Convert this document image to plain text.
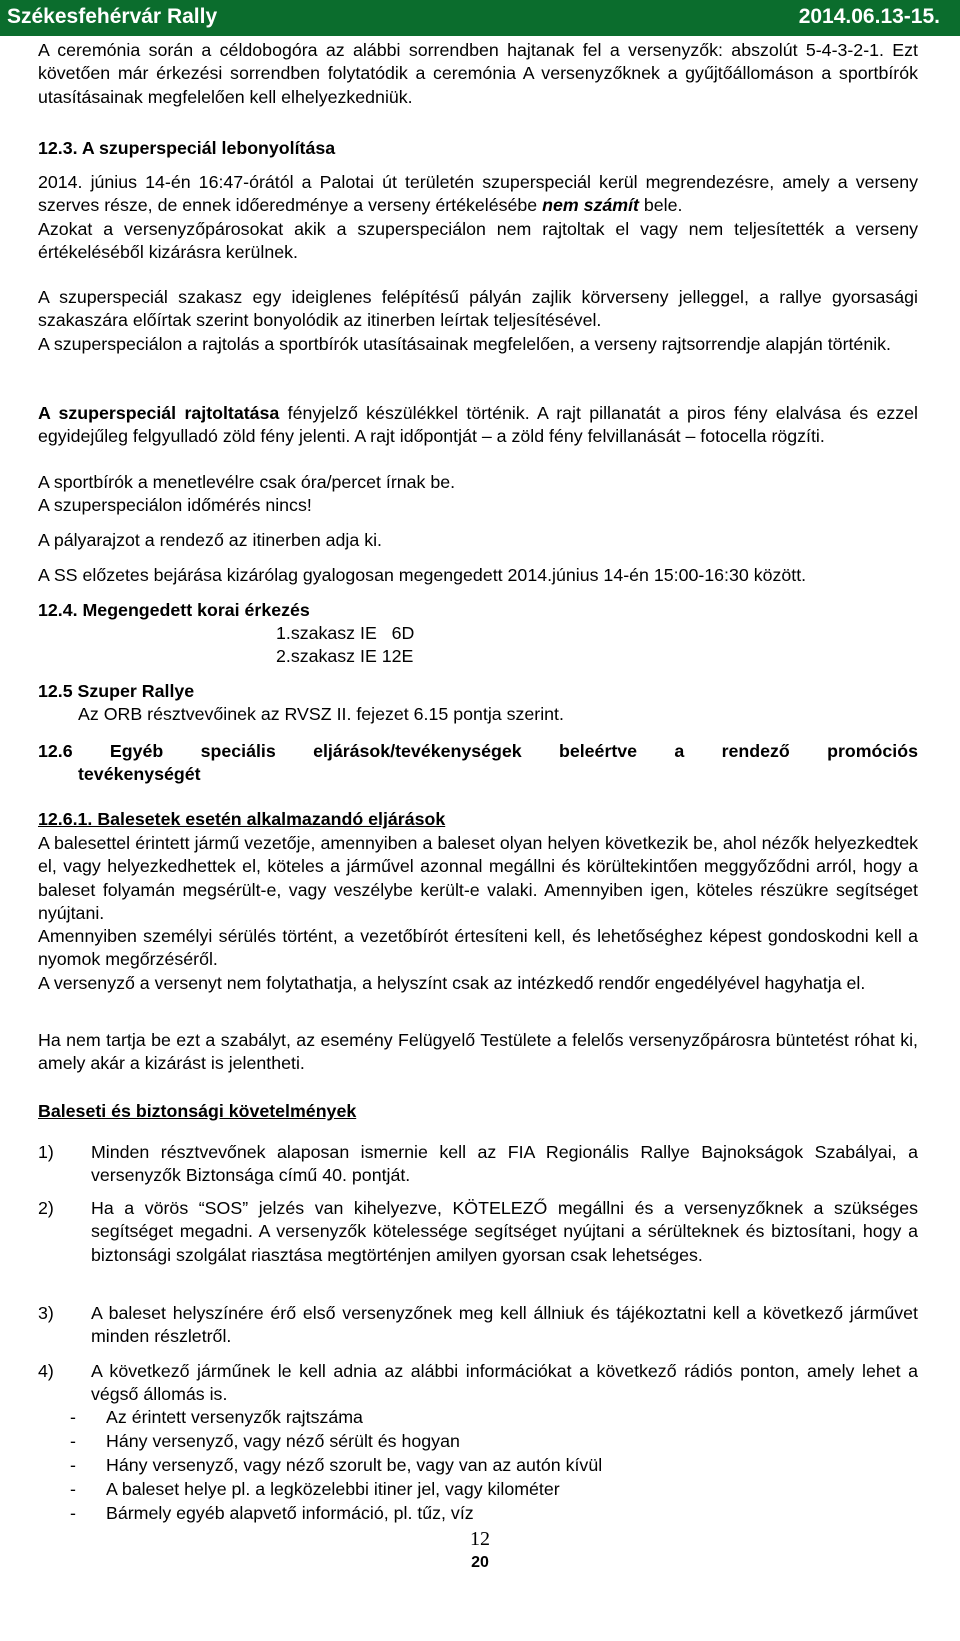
Székesfehérvár Rally	2014.06.13-15.
A ceremónia során a céldobogóra az alábbi sorrendben hajtanak fel a versenyzők: abszolút 5-4-3-2-1. Ezt követően már érkezési sorrendben folytatódik a ceremónia A versenyzőknek a gyűjtőállomáson a sportbírók utasításainak megfelelően kell elhelyezkedniük.
12.3. A szuperspeciál lebonyolítása
2014. június 14-én 16:47-órától a Palotai út területén szuperspeciál kerül megrendezésre, amely a verseny szerves része, de ennek időeredménye a verseny értékelésébe nem számít bele.
Azokat a versenyzőpárosokat akik a szuperspeciálon nem rajtoltak el vagy nem teljesítették a verseny értékeléséből kizárásra kerülnek.
A szuperspeciál szakasz egy ideiglenes felépítésű pályán zajlik körverseny jelleggel, a rallye gyorsasági szakaszára előírtak szerint bonyolódik az itinerben leírtak teljesítésével.
A szuperspeciálon a rajtolás a sportbírók utasításainak megfelelően, a verseny rajtsorrendje alapján történik.
A szuperspeciál rajtoltatása fényjelző készülékkel történik. A rajt pillanatát a piros fény elalvása és ezzel egyidejűleg felgyulladó zöld fény jelenti. A rajt időpontját – a zöld fény felvillanását – fotocella rögzíti.
A sportbírók a menetlevélre csak óra/percet írnak be.
A szuperspeciálon időmérés nincs!
A pályarajzot a rendező az itinerben adja ki.
A SS előzetes bejárása kizárólag gyalogosan megengedett 2014.június 14-én 15:00-16:30 között.
12.4. Megengedett korai érkezés
1.szakasz IE   6D
2.szakasz IE 12E
12.5 Szuper Rallye
Az ORB résztvevőinek az RVSZ II. fejezet 6.15 pontja szerint.
12.6 Egyéb speciális eljárások/tevékenységek beleértve a rendező promóciós
tevékenységét
12.6.1. Balesetek esetén alkalmazandó eljárások
A balesettel érintett jármű vezetője, amennyiben a baleset olyan helyen következik be, ahol nézők helyezkedtek el, vagy helyezkedhettek el, köteles a járművel azonnal megállni és körültekintően meggyőződni arról, hogy a baleset folyamán megsérült-e, vagy veszélybe került-e valaki. Amennyiben igen, köteles részükre segítséget nyújtani.
Amennyiben személyi sérülés történt, a vezetőbírót értesíteni kell, és lehetőséghez képest gondoskodni kell a nyomok megőrzéséről.
A versenyző a versenyt nem folytathatja, a helyszínt csak az intézkedő rendőr engedélyével hagyhatja el.
Ha nem tartja be ezt a szabályt, az esemény Felügyelő Testülete a felelős versenyzőpárosra büntetést róhat ki, amely akár a kizárást is jelentheti.
Baleseti és biztonsági követelmények
1) Minden résztvevőnek alaposan ismernie kell az FIA Regionális Rallye Bajnokságok Szabályai, a versenyzők Biztonsága című 40. pontját.
2) Ha a vörös “SOS” jelzés van kihelyezve, KÖTELEZŐ megállni és a versenyzőknek a szükséges segítséget megadni. A versenyzők kötelessége segítséget nyújtani a sérülteknek és biztosítani, hogy a biztonsági szolgálat riasztása megtörténjen amilyen gyorsan csak lehetséges.
3) A baleset helyszínére érő első versenyzőnek meg kell állniuk és tájékoztatni kell a következő járművet minden részletről.
4) A következő járműnek le kell adnia az alábbi információkat a következő rádiós ponton, amely lehet a végső állomás is.
- Az érintett versenyzők rajtszáma
- Hány versenyző, vagy néző sérült és hogyan
- Hány versenyző, vagy néző szorult be, vagy van az autón kívül
- A baleset helye pl. a legközelebbi itiner jel, vagy kilométer
- Bármely egyéb alapvető információ, pl. tűz, víz
12
20
